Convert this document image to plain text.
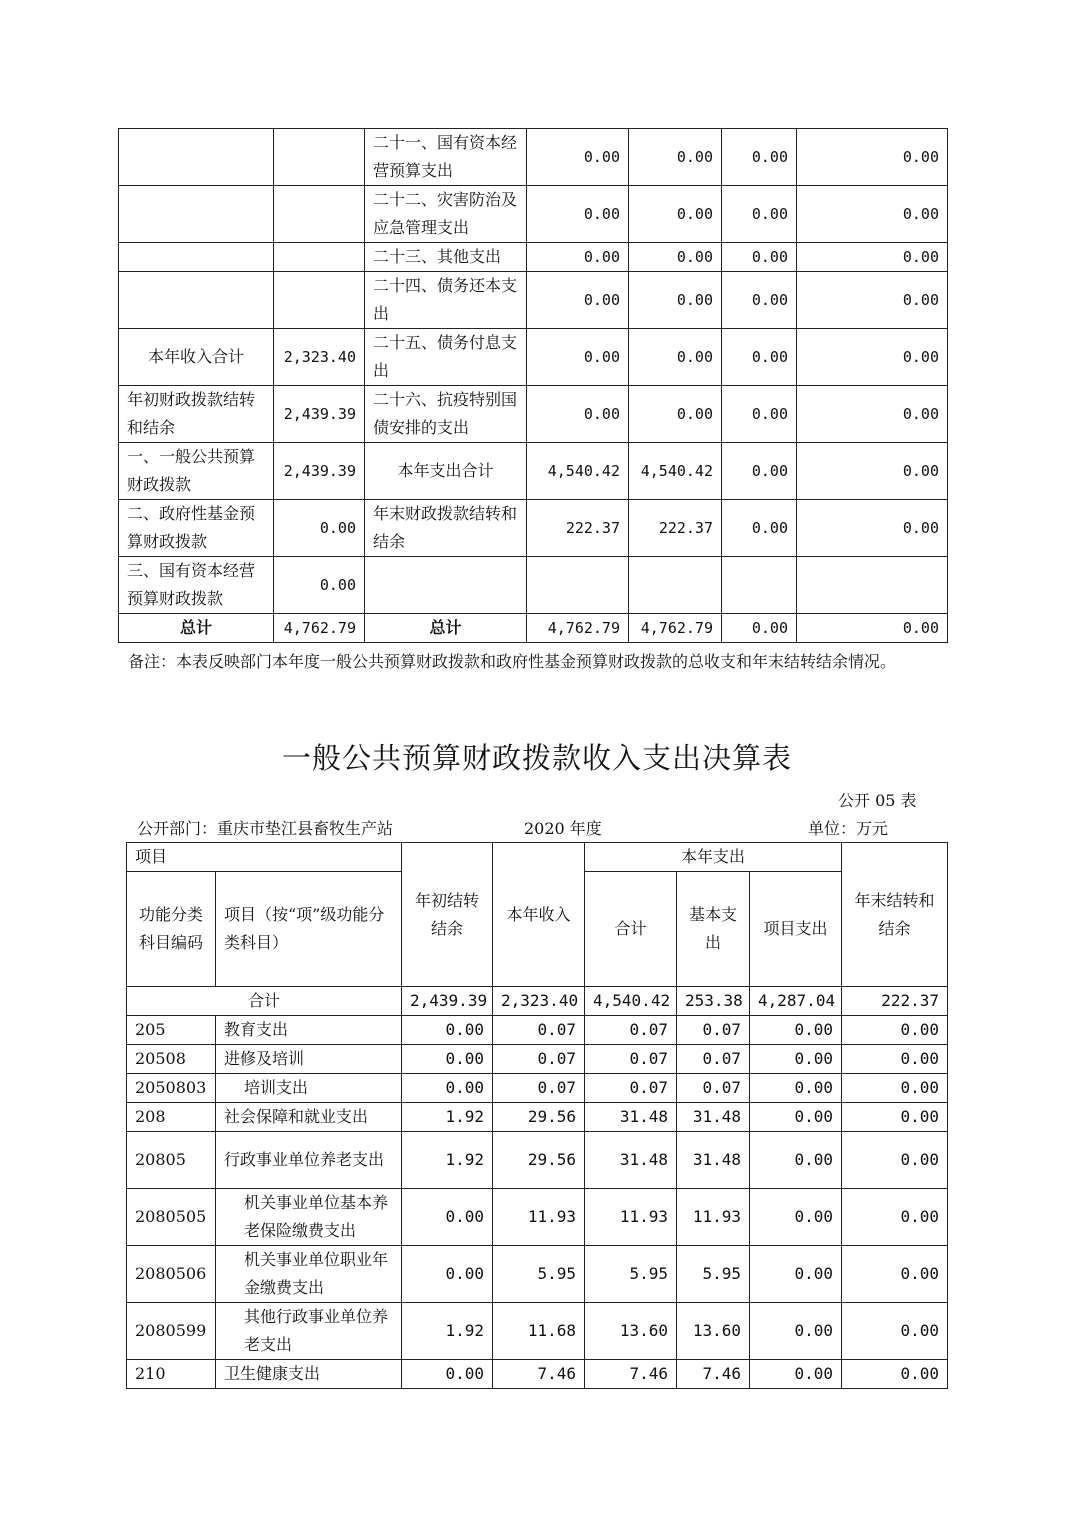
		二十一、国有资本经营预算支出	0.00	0.00	0.00	0.00
		二十二、灾害防治及应急管理支出	0.00	0.00	0.00	0.00
		二十三、其他支出	0.00	0.00	0.00	0.00
		二十四、债务还本支出	0.00	0.00	0.00	0.00
本年收入合计	2,323.40	二十五、债务付息支出	0.00	0.00	0.00	0.00
年初财政拨款结转和结余	2,439.39	二十六、抗疫特别国债安排的支出	0.00	0.00	0.00	0.00
一、一般公共预算财政拨款	2,439.39	本年支出合计	4,540.42	4,540.42	0.00	0.00
二、政府性基金预算财政拨款	0.00	年末财政拨款结转和结余	222.37	222.37	0.00	0.00
三、国有资本经营预算财政拨款	0.00					
总计	4,762.79	总计	4,762.79	4,762.79	0.00	0.00
备注：本表反映部门本年度一般公共预算财政拨款和政府性基金预算财政拨款的总收支和年末结转结余情况。
一般公共预算财政拨款收入支出决算表
公开 05 表
公开部门：重庆市垫江县畜牧生产站	2020 年度	单位：万元
项目		年初结转结余	本年收入	本年支出			年末结转和结余
功能分类科目编码	项目（按“项”级功能分类科目）			合计	基本支出	项目支出	
合计		2,439.39	2,323.40	4,540.42	253.38	4,287.04	222.37
205	教育支出	0.00	0.07	0.07	0.07	0.00	0.00
20508	进修及培训	0.00	0.07	0.07	0.07	0.00	0.00
2050803	培训支出	0.00	0.07	0.07	0.07	0.00	0.00
208	社会保障和就业支出	1.92	29.56	31.48	31.48	0.00	0.00
20805	行政事业单位养老支出	1.92	29.56	31.48	31.48	0.00	0.00
2080505	机关事业单位基本养老保险缴费支出	0.00	11.93	11.93	11.93	0.00	0.00
2080506	机关事业单位职业年金缴费支出	0.00	5.95	5.95	5.95	0.00	0.00
2080599	其他行政事业单位养老支出	1.92	11.68	13.60	13.60	0.00	0.00
210	卫生健康支出	0.00	7.46	7.46	7.46	0.00	0.00
